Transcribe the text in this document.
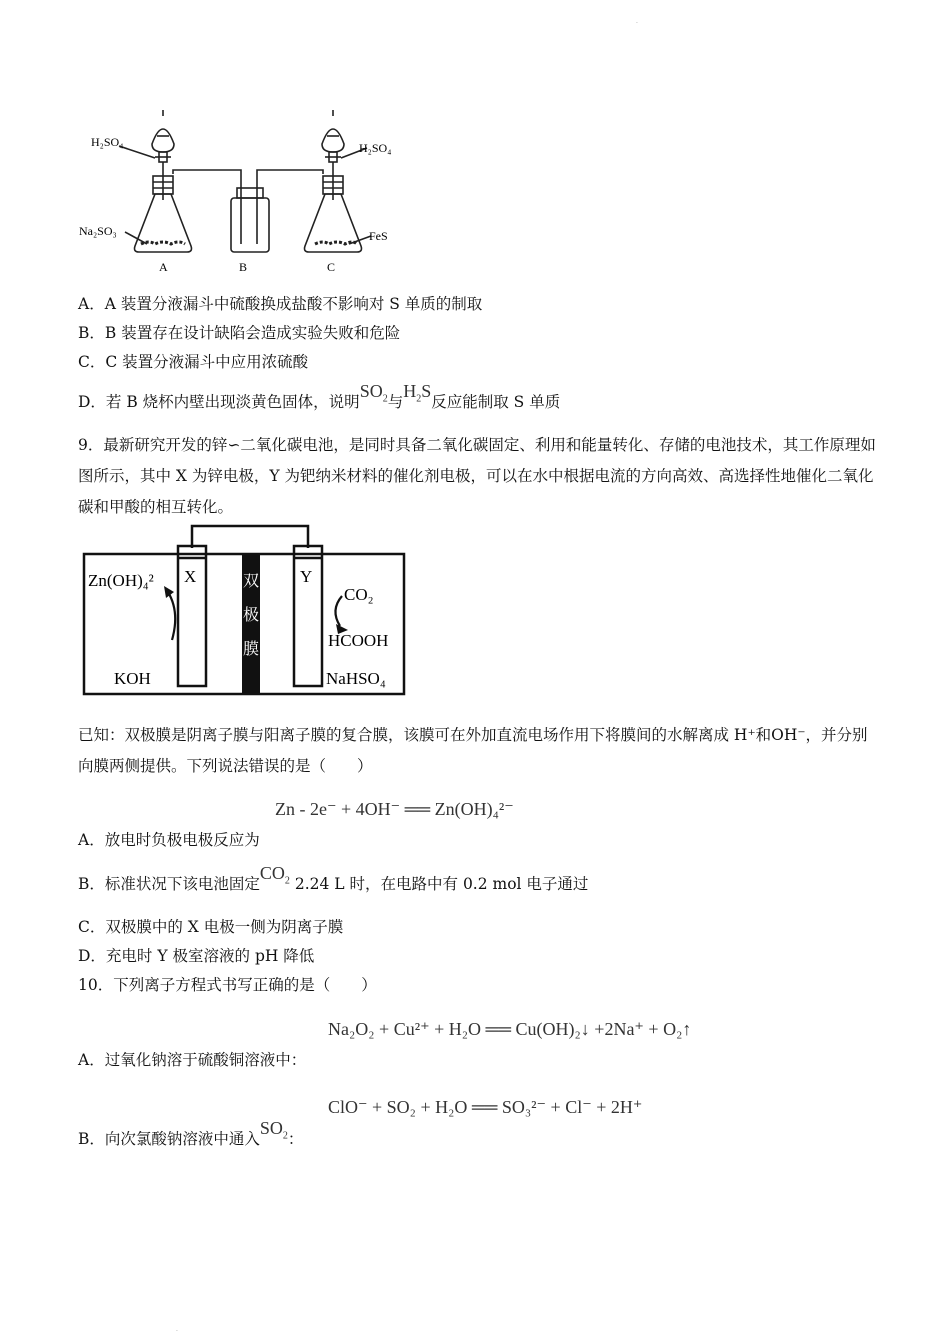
.
.
H₂SO₄	H₂SO₄
Na₂SO₃	FeS
A	B	C
A．A 装置分液漏斗中硫酸换成盐酸不影响对 S 单质的制取
B．B 装置存在设计缺陷会造成实验失败和危险
C．C 装置分液漏斗中应用浓硫酸
D．若 B 烧杯内壁出现淡黄色固体，说明$SO_2$与$H_2S$反应能制取 S 单质
9．最新研究开发的锌∽二氧化碳电池，是同时具备二氧化碳固定、利用和能量转化、存储的电池技术，其工作原理如图所示，其中 X 为锌电极，Y 为钯纳米材料的催化剂电极，可以在水中根据电流的方向高效、高选择性地催化二氧化碳和甲酸的相互转化。
Zn(OH)₄² X	Y
双
极
膜
CO₂
HCOOH
KOH	NaHSO₄
已知：双极膜是阴离子膜与阳离子膜的复合膜，该膜可在外加直流电场作用下将膜间的水解离成 H⁺和OH⁻，并分别向膜两侧提供。下列说法错误的是（　　）
Zn - 2e⁻ + 4OH⁻ ══ Zn(OH)₄²⁻
A．放电时负极电极反应为
B．标准状况下该电池固定$CO_2$ 2.24 L 时，在电路中有 0.2 mol 电子通过
C．双极膜中的 X 电极一侧为阴离子膜
D．充电时 Y 极室溶液的 pH 降低
10．下列离子方程式书写正确的是（　　）
Na₂O₂ + Cu²⁺ + H₂O ══ Cu(OH)₂↓ +2Na⁺ + O₂↑
A．过氧化钠溶于硫酸铜溶液中：
ClO⁻ + SO₂ + H₂O ══ SO₃²⁻ + Cl⁻ + 2H⁺
B．向次氯酸钠溶液中通入$SO_2$：
